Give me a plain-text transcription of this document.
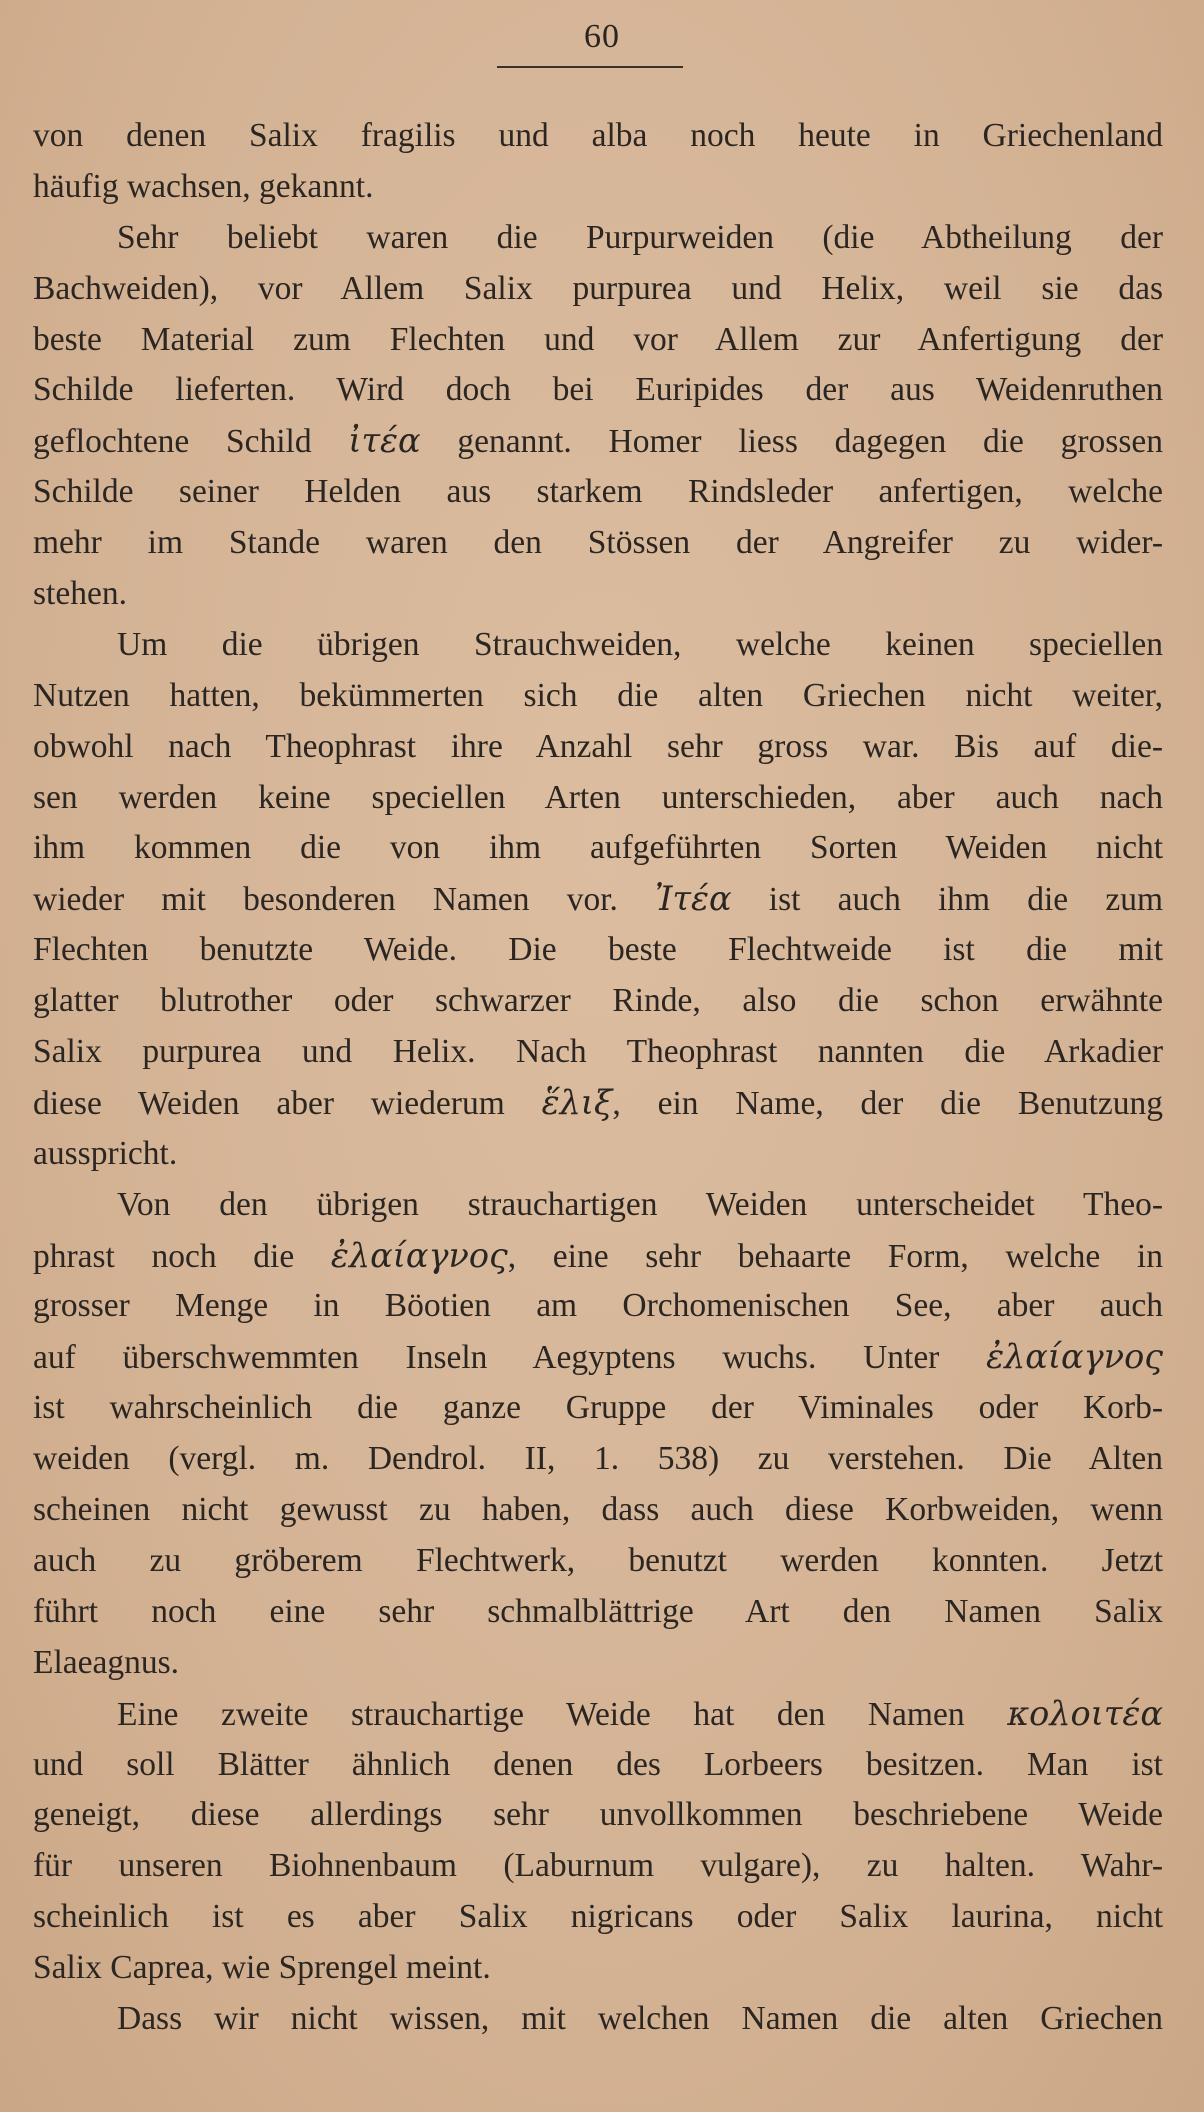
60
von denen Salix fragilis und alba noch heute in Griechenland
häufig wachsen, gekannt.
Sehr beliebt waren die Purpurweiden (die Abtheilung der
Bachweiden), vor Allem Salix purpurea und Helix, weil sie das
beste Material zum Flechten und vor Allem zur Anfertigung der
Schilde lieferten. Wird doch bei Euripides der aus Weidenruthen
geflochtene Schild ἰτέα genannt. Homer liess dagegen die grossen
Schilde seiner Helden aus starkem Rindsleder anfertigen, welche
mehr im Stande waren den Stössen der Angreifer zu wider-
stehen.
Um die übrigen Strauchweiden, welche keinen speciellen
Nutzen hatten, bekümmerten sich die alten Griechen nicht weiter,
obwohl nach Theophrast ihre Anzahl sehr gross war. Bis auf die-
sen werden keine speciellen Arten unterschieden, aber auch nach
ihm kommen die von ihm aufgeführten Sorten Weiden nicht
wieder mit besonderen Namen vor. Ἰτέα ist auch ihm die zum
Flechten benutzte Weide. Die beste Flechtweide ist die mit
glatter blutrother oder schwarzer Rinde, also die schon erwähnte
Salix purpurea und Helix. Nach Theophrast nannten die Arkadier
diese Weiden aber wiederum ἕλιξ, ein Name, der die Benutzung
ausspricht.
Von den übrigen strauchartigen Weiden unterscheidet Theo-
phrast noch die ἐλαίαγνος, eine sehr behaarte Form, welche in
grosser Menge in Böotien am Orchomenischen See, aber auch
auf überschwemmten Inseln Aegyptens wuchs. Unter ἐλαίαγνος
ist wahrscheinlich die ganze Gruppe der Viminales oder Korb-
weiden (vergl. m. Dendrol. II, 1. 538) zu verstehen. Die Alten
scheinen nicht gewusst zu haben, dass auch diese Korbweiden, wenn
auch zu gröberem Flechtwerk, benutzt werden konnten. Jetzt
führt noch eine sehr schmalblättrige Art den Namen Salix
Elaeagnus.
Eine zweite strauchartige Weide hat den Namen κολοιτέα
und soll Blätter ähnlich denen des Lorbeers besitzen. Man ist
geneigt, diese allerdings sehr unvollkommen beschriebene Weide
für unseren Biohnenbaum (Laburnum vulgare), zu halten. Wahr-
scheinlich ist es aber Salix nigricans oder Salix laurina, nicht
Salix Caprea, wie Sprengel meint.
Dass wir nicht wissen, mit welchen Namen die alten Griechen
